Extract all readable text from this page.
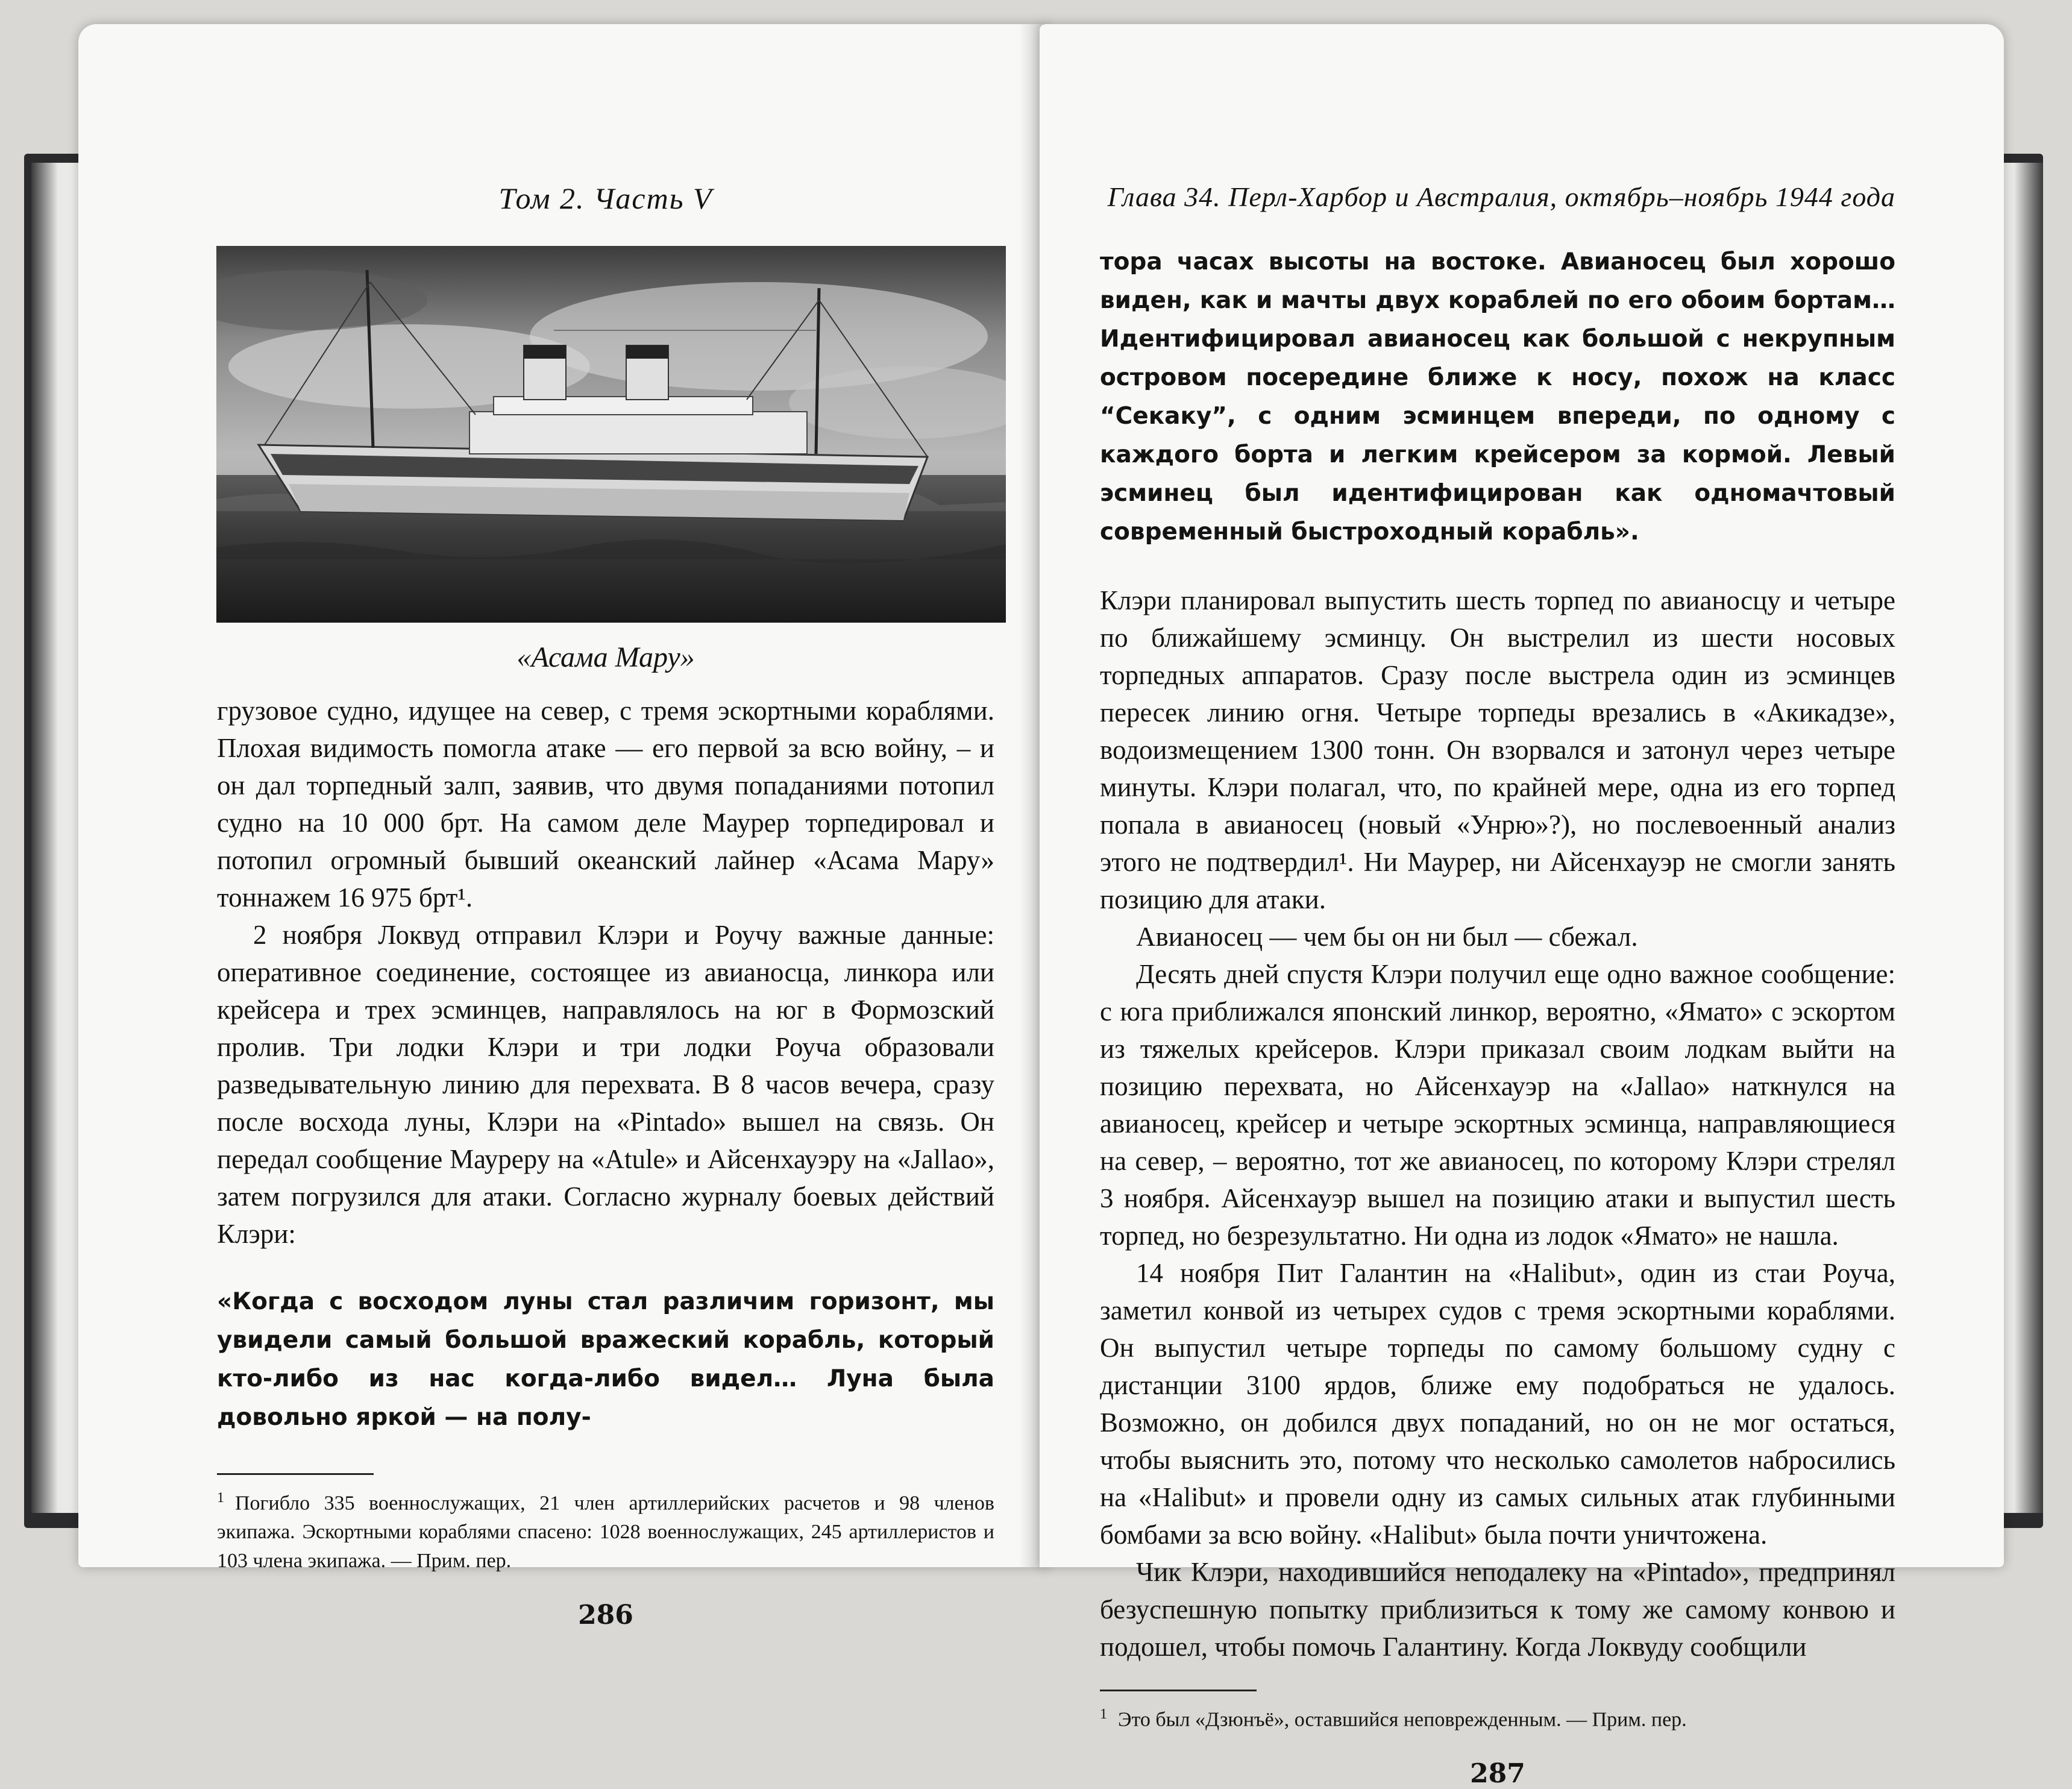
Том 2. Часть V
«Асама Мару»

грузовое судно, идущее на север, с тремя эскортными кораблями. Плохая видимость помогла атаке — его первой за всю войну, – и он дал торпедный залп, заявив, что двумя попаданиями потопил судно на 10 000 брт. На самом деле Маурер торпедировал и потопил огромный бывший океанский лайнер «Асама Мару» тоннажем 16 975 брт¹.

2 ноября Локвуд отправил Клэри и Роучу важные данные: оперативное соединение, состоящее из авианосца, линкора или крейсера и трех эсминцев, направлялось на юг в Формозский пролив. Три лодки Клэри и три лодки Роуча образовали разведывательную линию для перехвата. В 8 часов вечера, сразу после восхода луны, Клэри на «Pintado» вышел на связь. Он передал сообщение Мауреру на «Atule» и Айсенхауэру на «Jallao», затем погрузился для атаки. Согласно журналу боевых действий Клэри:

«Когда с восходом луны стал различим горизонт, мы увидели самый большой вражеский корабль, который кто-либо из нас когда-либо видел… Луна была довольно яркой — на полу-

$^1$ Погибло 335 военнослужащих, 21 член артиллерийских расчетов и 98 членов экипажа. Эскортными кораблями спасено: 1028 военнослужащих, 245 артиллеристов и 103 члена экипажа. — Прим. пер.

286
Глава 34. Перл-Харбор и Австралия, октябрь–ноябрь 1944 года

тора часах высоты на востоке. Авианосец был хорошо виден, как и мачты двух кораблей по его обоим бортам… Идентифицировал авианосец как большой с некрупным островом посередине ближе к носу, похож на класс “Секаку”, с одним эсминцем впереди, по одному с каждого борта и легким крейсером за кормой. Левый эсминец был идентифицирован как одномачтовый современный быстроходный корабль».

Клэри планировал выпустить шесть торпед по авианосцу и четыре по ближайшему эсминцу. Он выстрелил из шести носовых торпедных аппаратов. Сразу после выстрела один из эсминцев пересек линию огня. Четыре торпеды врезались в «Акикадзе», водоизмещением 1300 тонн. Он взорвался и затонул через четыре минуты. Клэри полагал, что, по крайней мере, одна из его торпед попала в авианосец (новый «Унрю»?), но послевоенный анализ этого не подтвердил¹. Ни Маурер, ни Айсенхауэр не смогли занять позицию для атаки.

Авианосец — чем бы он ни был — сбежал.

Десять дней спустя Клэри получил еще одно важное сообщение: с юга приближался японский линкор, вероятно, «Ямато» с эскортом из тяжелых крейсеров. Клэри приказал своим лодкам выйти на позицию перехвата, но Айсенхауэр на «Jallao» наткнулся на авианосец, крейсер и четыре эскортных эсминца, направляющиеся на север, – вероятно, тот же авианосец, по которому Клэри стрелял 3 ноября. Айсенхауэр вышел на позицию атаки и выпустил шесть торпед, но безрезультатно. Ни одна из лодок «Ямато» не нашла.

14 ноября Пит Галантин на «Halibut», один из стаи Роуча, заметил конвой из четырех судов с тремя эскортными кораблями. Он выпустил четыре торпеды по самому большому судну с дистанции 3100 ярдов, ближе ему подобраться не удалось. Возможно, он добился двух попаданий, но он не мог остаться, чтобы выяснить это, потому что несколько самолетов набросились на «Halibut» и провели одну из самых сильных атак глубинными бомбами за всю войну. «Halibut» была почти уничтожена.

Чик Клэри, находившийся неподалеку на «Pintado», предпринял безуспешную попытку приблизиться к тому же самому конвою и подошел, чтобы помочь Галантину. Когда Локвуду сообщили

$^1$ Это был «Дзюнъё», оставшийся неповрежденным. — Прим. пер.

287
